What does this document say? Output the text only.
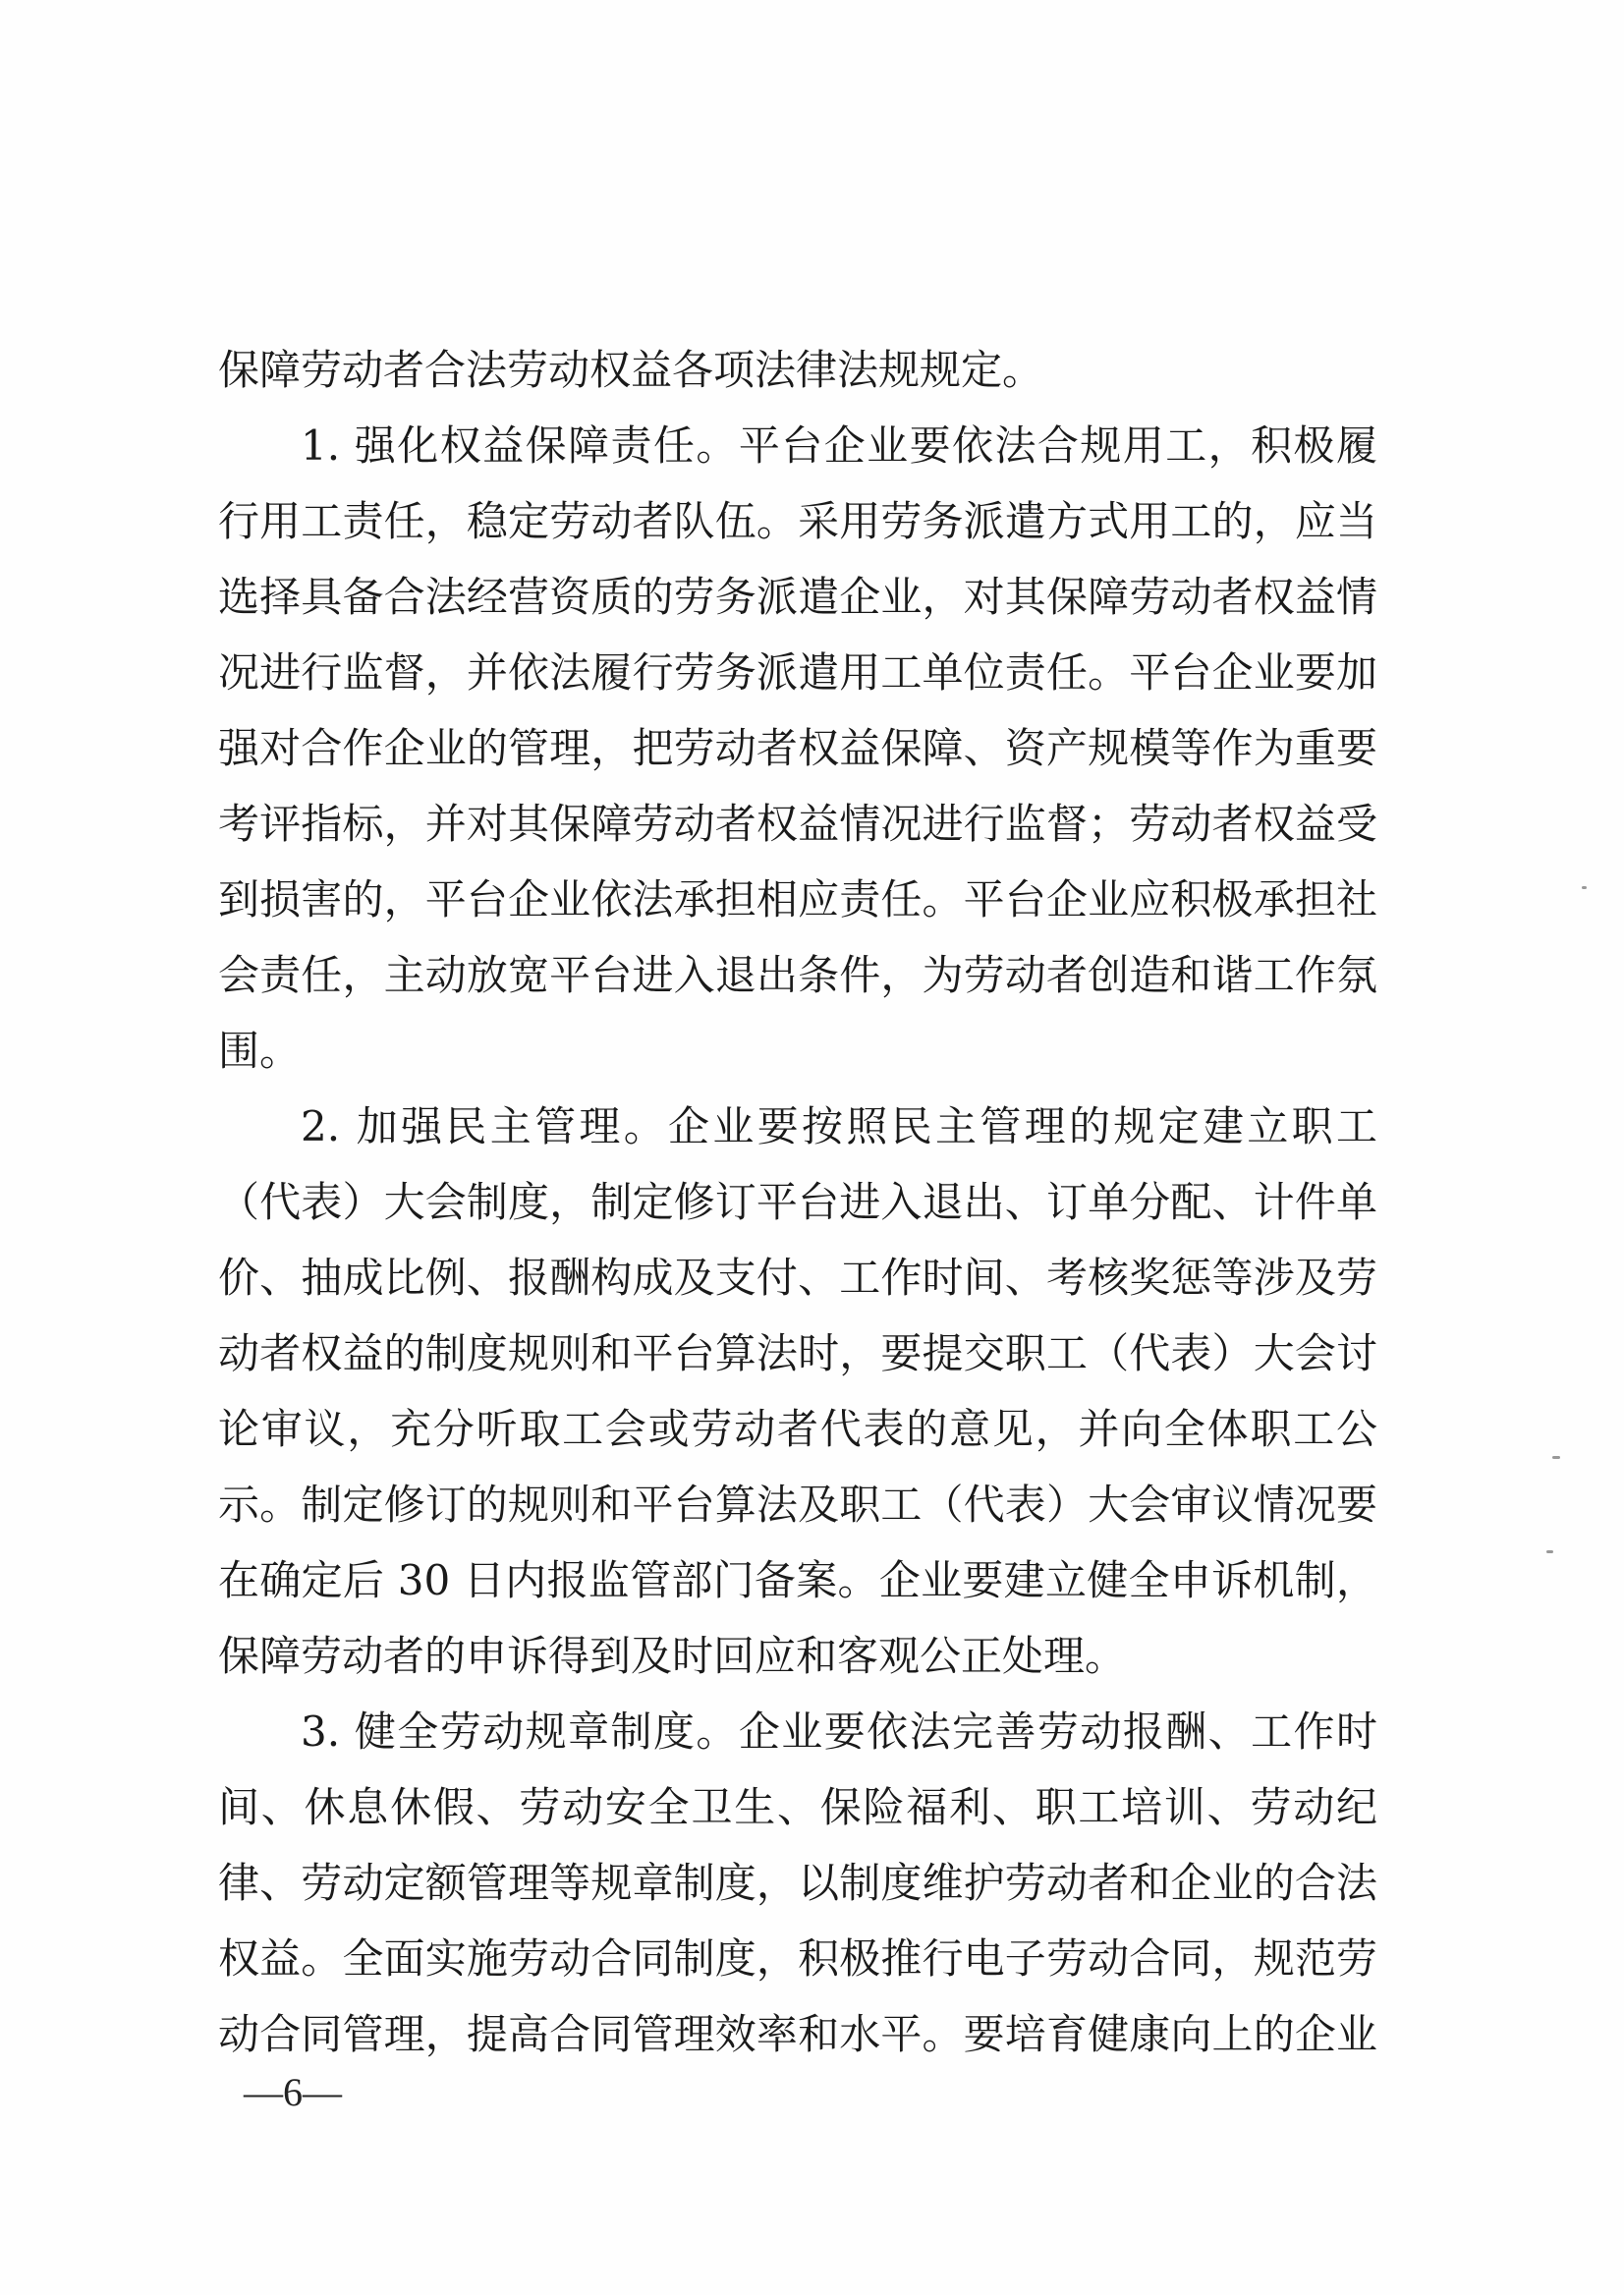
保障劳动者合法劳动权益各项法律法规规定。
1. 强化权益保障责任。平台企业要依法合规用工，积极履
行用工责任，稳定劳动者队伍。采用劳务派遣方式用工的，应当
选择具备合法经营资质的劳务派遣企业，对其保障劳动者权益情
况进行监督，并依法履行劳务派遣用工单位责任。平台企业要加
强对合作企业的管理，把劳动者权益保障、资产规模等作为重要
考评指标，并对其保障劳动者权益情况进行监督；劳动者权益受
到损害的，平台企业依法承担相应责任。平台企业应积极承担社
会责任，主动放宽平台进入退出条件，为劳动者创造和谐工作氛
围。
2. 加强民主管理。企业要按照民主管理的规定建立职工
（代表）大会制度，制定修订平台进入退出、订单分配、计件单
价、抽成比例、报酬构成及支付、工作时间、考核奖惩等涉及劳
动者权益的制度规则和平台算法时，要提交职工（代表）大会讨
论审议，充分听取工会或劳动者代表的意见，并向全体职工公
示。制定修订的规则和平台算法及职工（代表）大会审议情况要
在确定后 30 日内报监管部门备案。企业要建立健全申诉机制，
保障劳动者的申诉得到及时回应和客观公正处理。
3. 健全劳动规章制度。企业要依法完善劳动报酬、工作时
间、休息休假、劳动安全卫生、保险福利、职工培训、劳动纪
律、劳动定额管理等规章制度，以制度维护劳动者和企业的合法
权益。全面实施劳动合同制度，积极推行电子劳动合同，规范劳
动合同管理，提高合同管理效率和水平。要培育健康向上的企业
—6—
